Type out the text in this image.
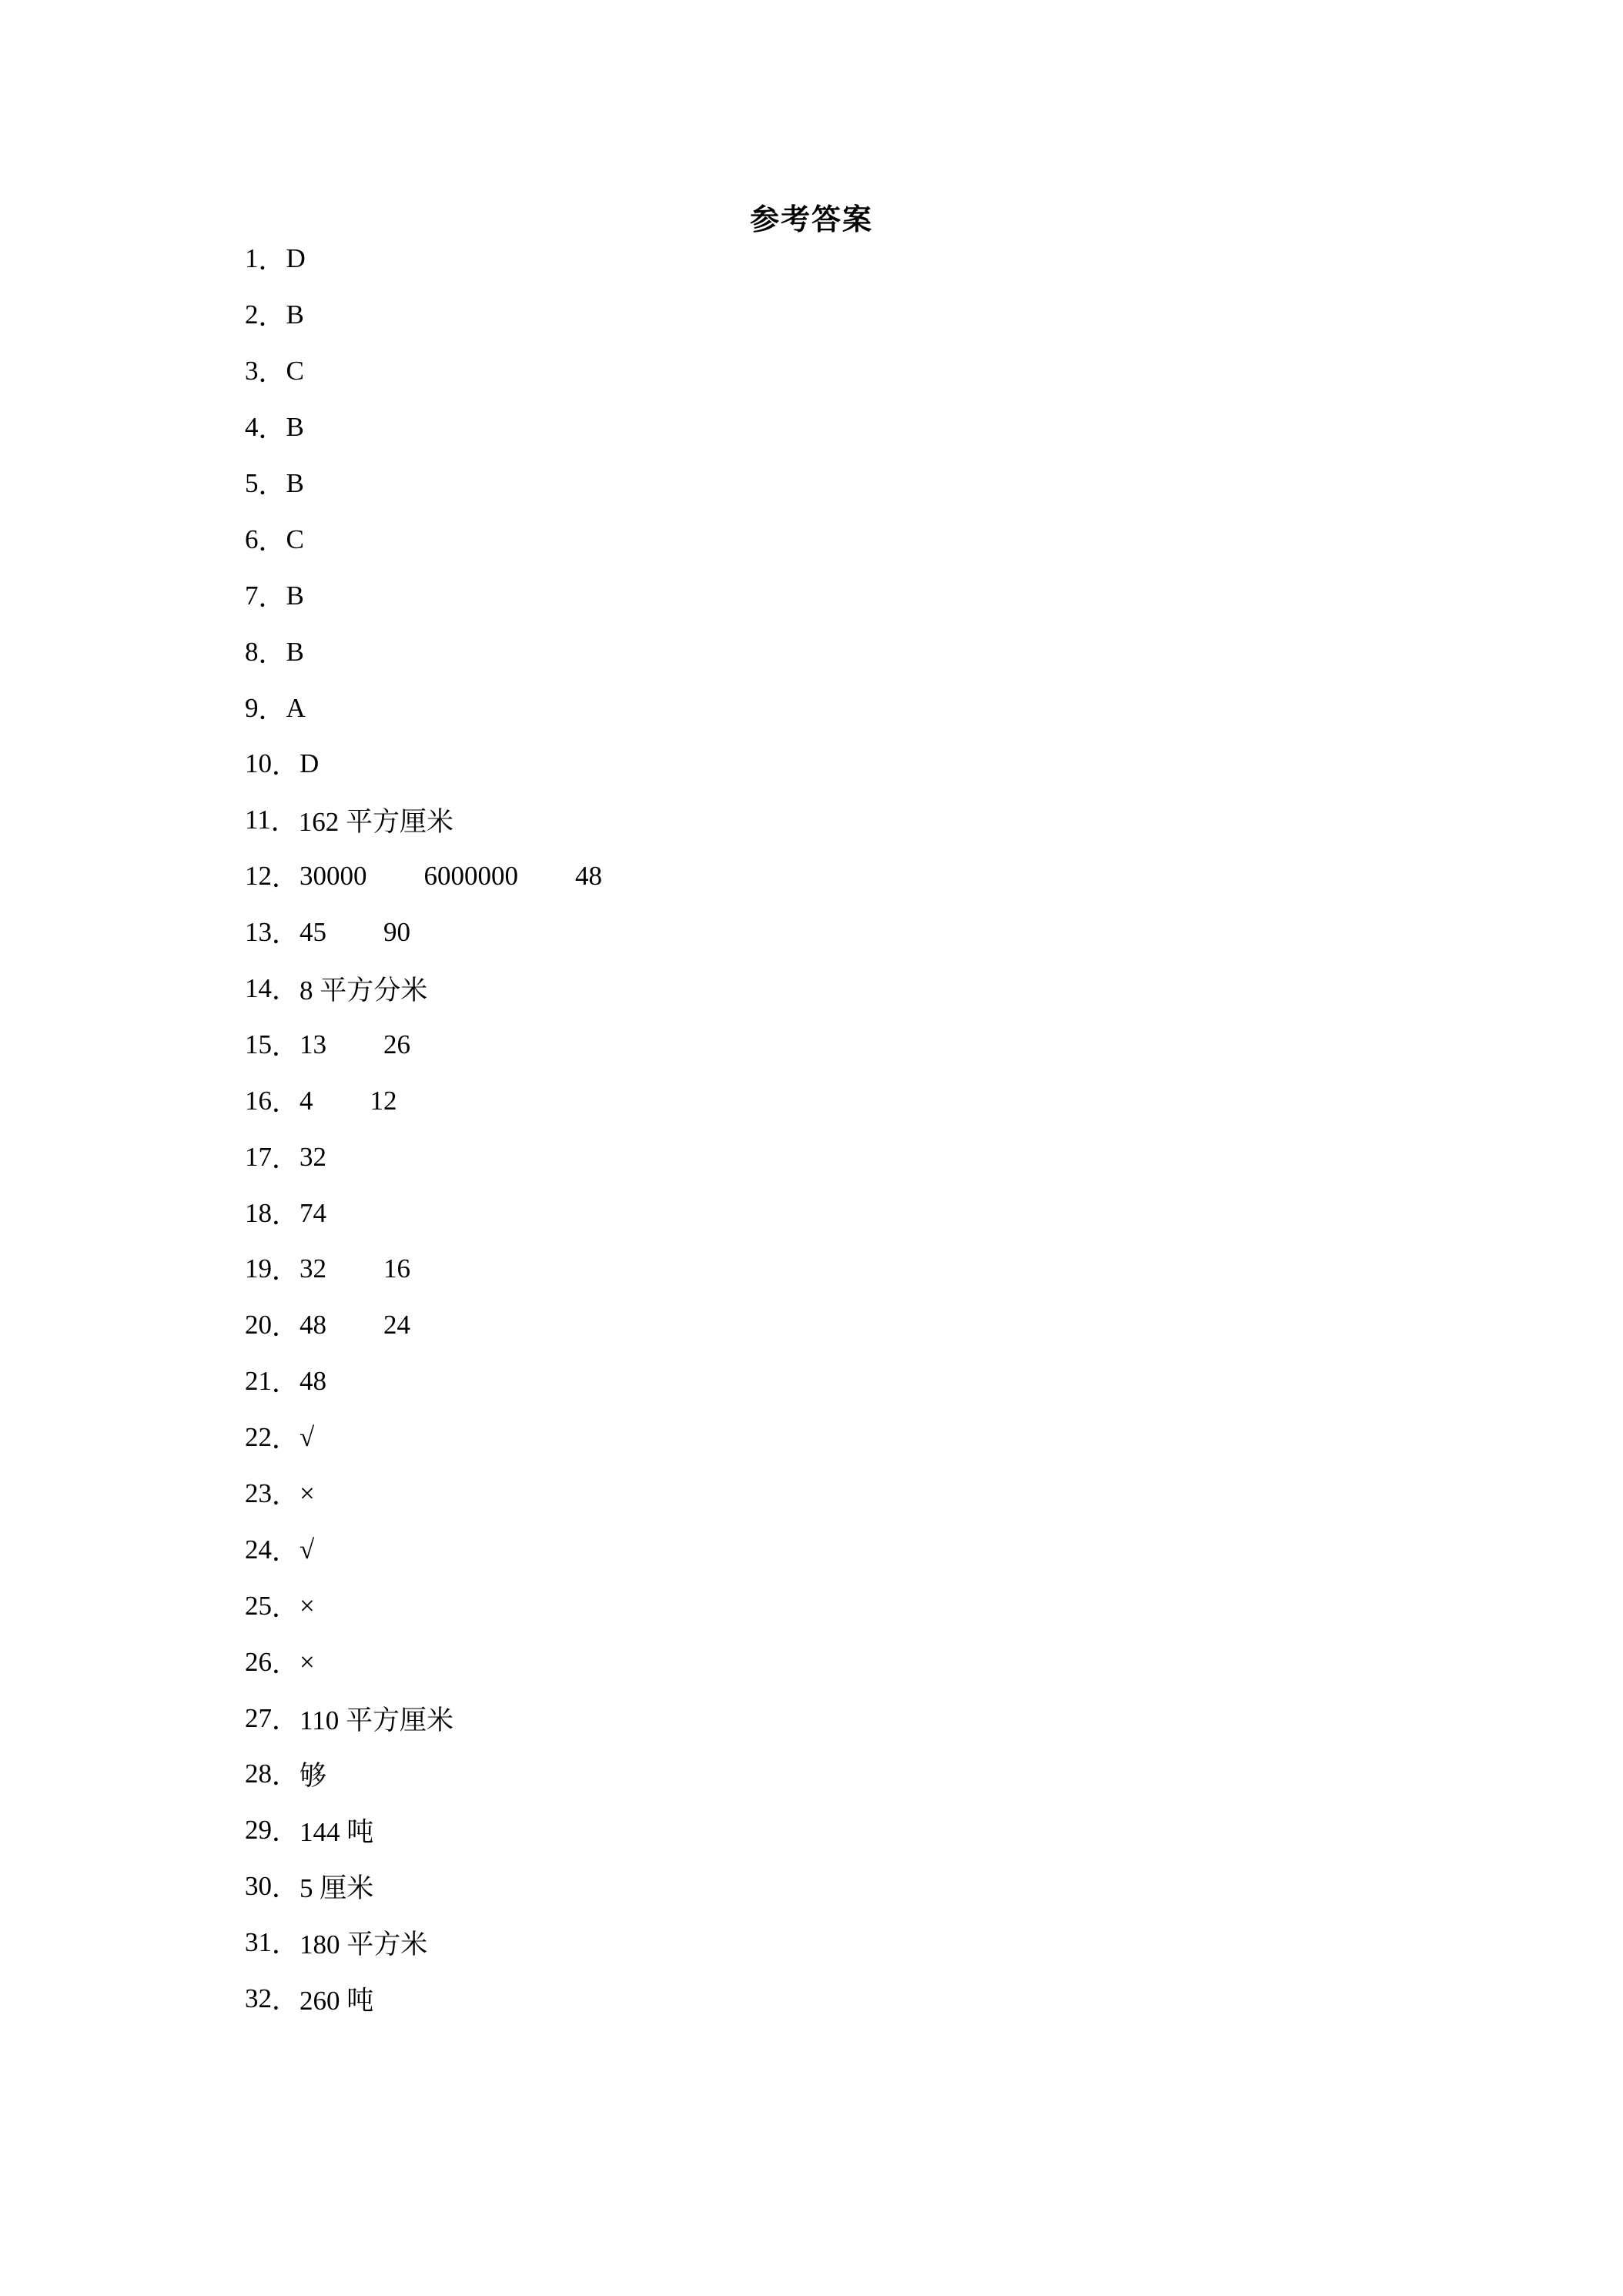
参考答案
1 ． D
2 ． B
3 ． C
4 ． B
5 ． B
6 ． C
7 ． B
8 ． B
9 ． A
10 ． D
11 ． 162 平方厘米
12 ． 30000 6000000 48
13 ． 45 90
14 ． 8 平方分米
15 ． 13 26
16 ． 4 12
17 ． 32
18 ． 74
19 ． 32 16
20 ． 48 24
21 ． 48
22 ． √
23 ． ×
24 ． √
25 ． ×
26 ． ×
27 ． 110 平方厘米
28 ． 够
29 ． 144 吨
30 ． 5 厘米
31 ． 180 平方米
32 ． 260 吨
